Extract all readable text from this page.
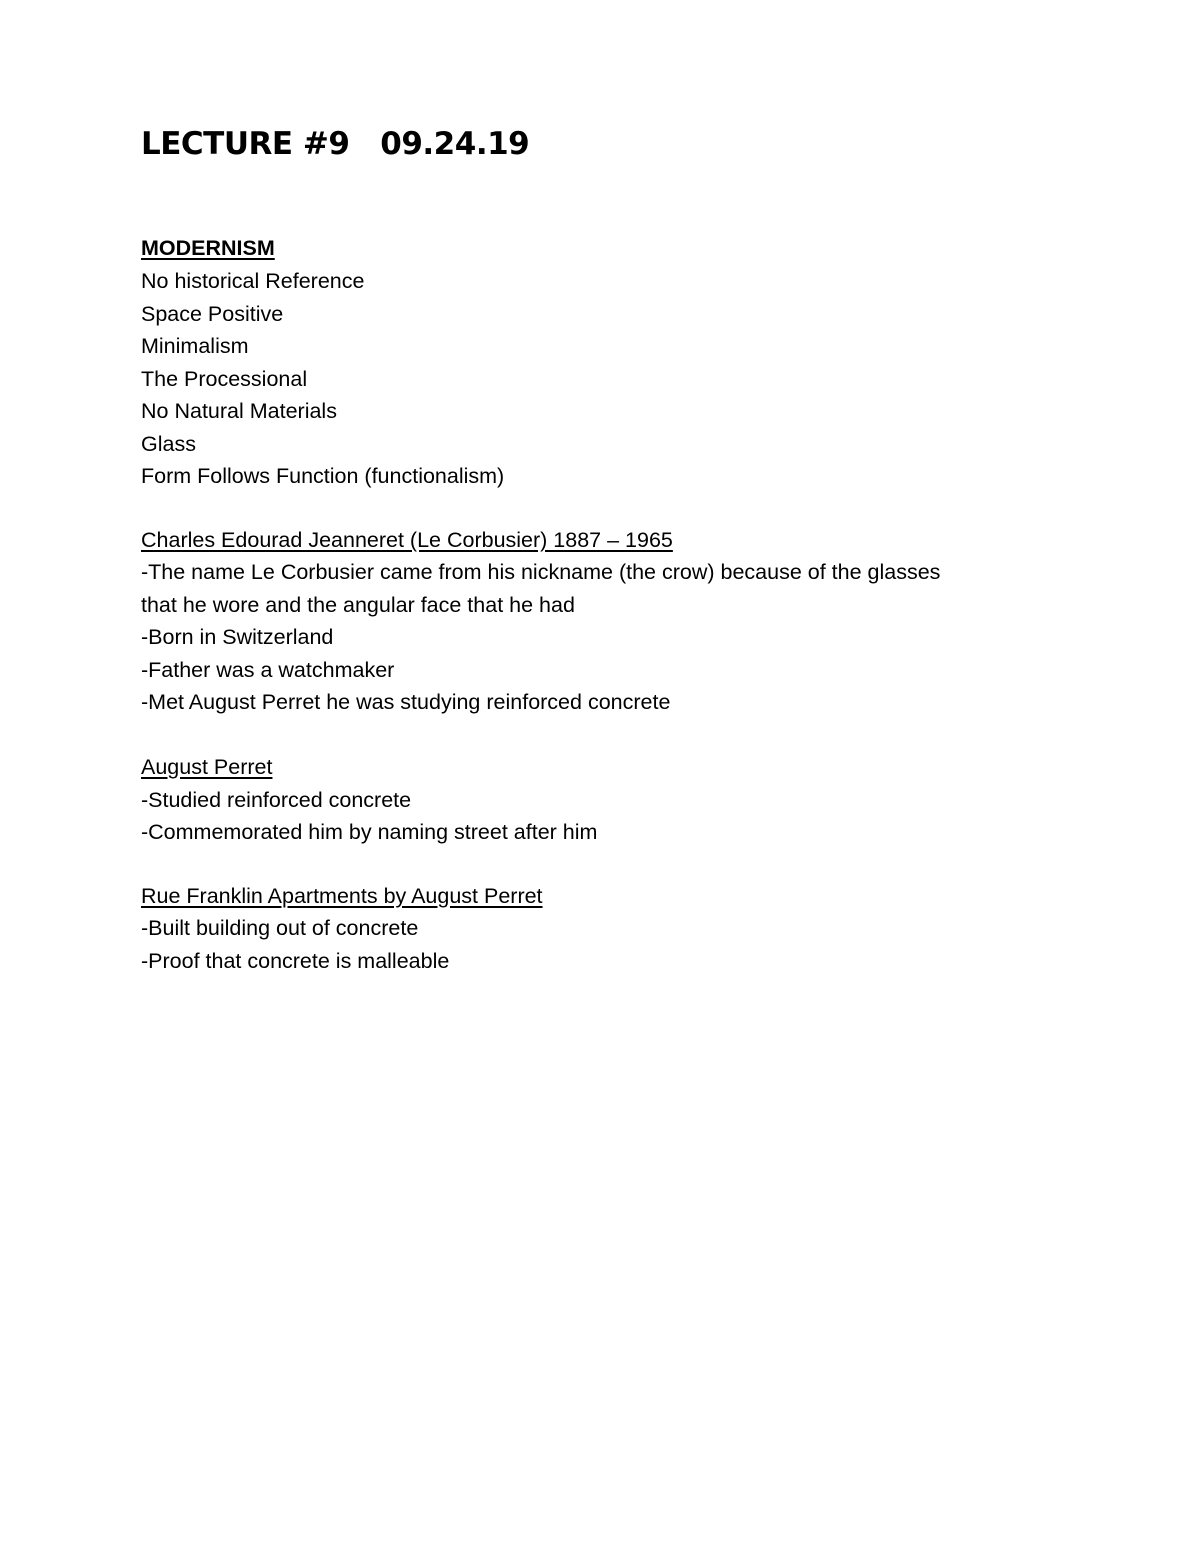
LECTURE #9   09.24.19
MODERNISM
No historical Reference
Space Positive
Minimalism
The Processional
No Natural Materials
Glass
Form Follows Function (functionalism)
Charles Edourad Jeanneret (Le Corbusier) 1887 – 1965
-The name Le Corbusier came from his nickname (the crow) because of the glasses
that he wore and the angular face that he had
-Born in Switzerland
-Father was a watchmaker
-Met August Perret he was studying reinforced concrete
August Perret
-Studied reinforced concrete
-Commemorated him by naming street after him
Rue Franklin Apartments by August Perret
-Built building out of concrete
-Proof that concrete is malleable
